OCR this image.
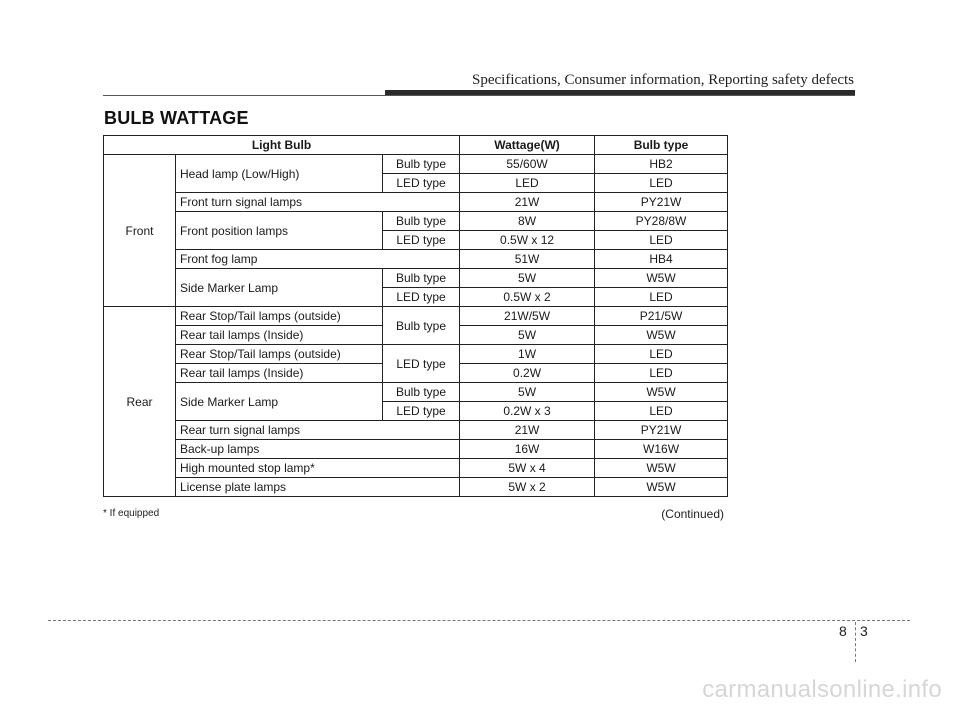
Specifications, Consumer information, Reporting safety defects
BULB WATTAGE
Light Bulb			Wattage(W)	Bulb type
Front	Head lamp (Low/High)	Bulb type	55/60W	HB2
		LED type	LED	LED
	Front turn signal lamps		21W	PY21W
	Front position lamps	Bulb type	8W	PY28/8W
		LED type	0.5W x 12	LED
	Front fog lamp		51W	HB4
	Side Marker Lamp	Bulb type	5W	W5W
		LED type	0.5W x 2	LED
Rear	Rear Stop/Tail lamps (outside)	Bulb type	21W/5W	P21/5W
	Rear tail lamps (Inside)		5W	W5W
	Rear Stop/Tail lamps (outside)	LED type	1W	LED
	Rear tail lamps (Inside)		0.2W	LED
	Side Marker Lamp	Bulb type	5W	W5W
		LED type	0.2W x 3	LED
	Rear turn signal lamps		21W	PY21W
	Back-up lamps		16W	W16W
	High mounted stop lamp*		5W x 4	W5W
	License plate lamps		5W x 2	W5W
* If equipped	(Continued)
8 3
carmanualsonline.info
